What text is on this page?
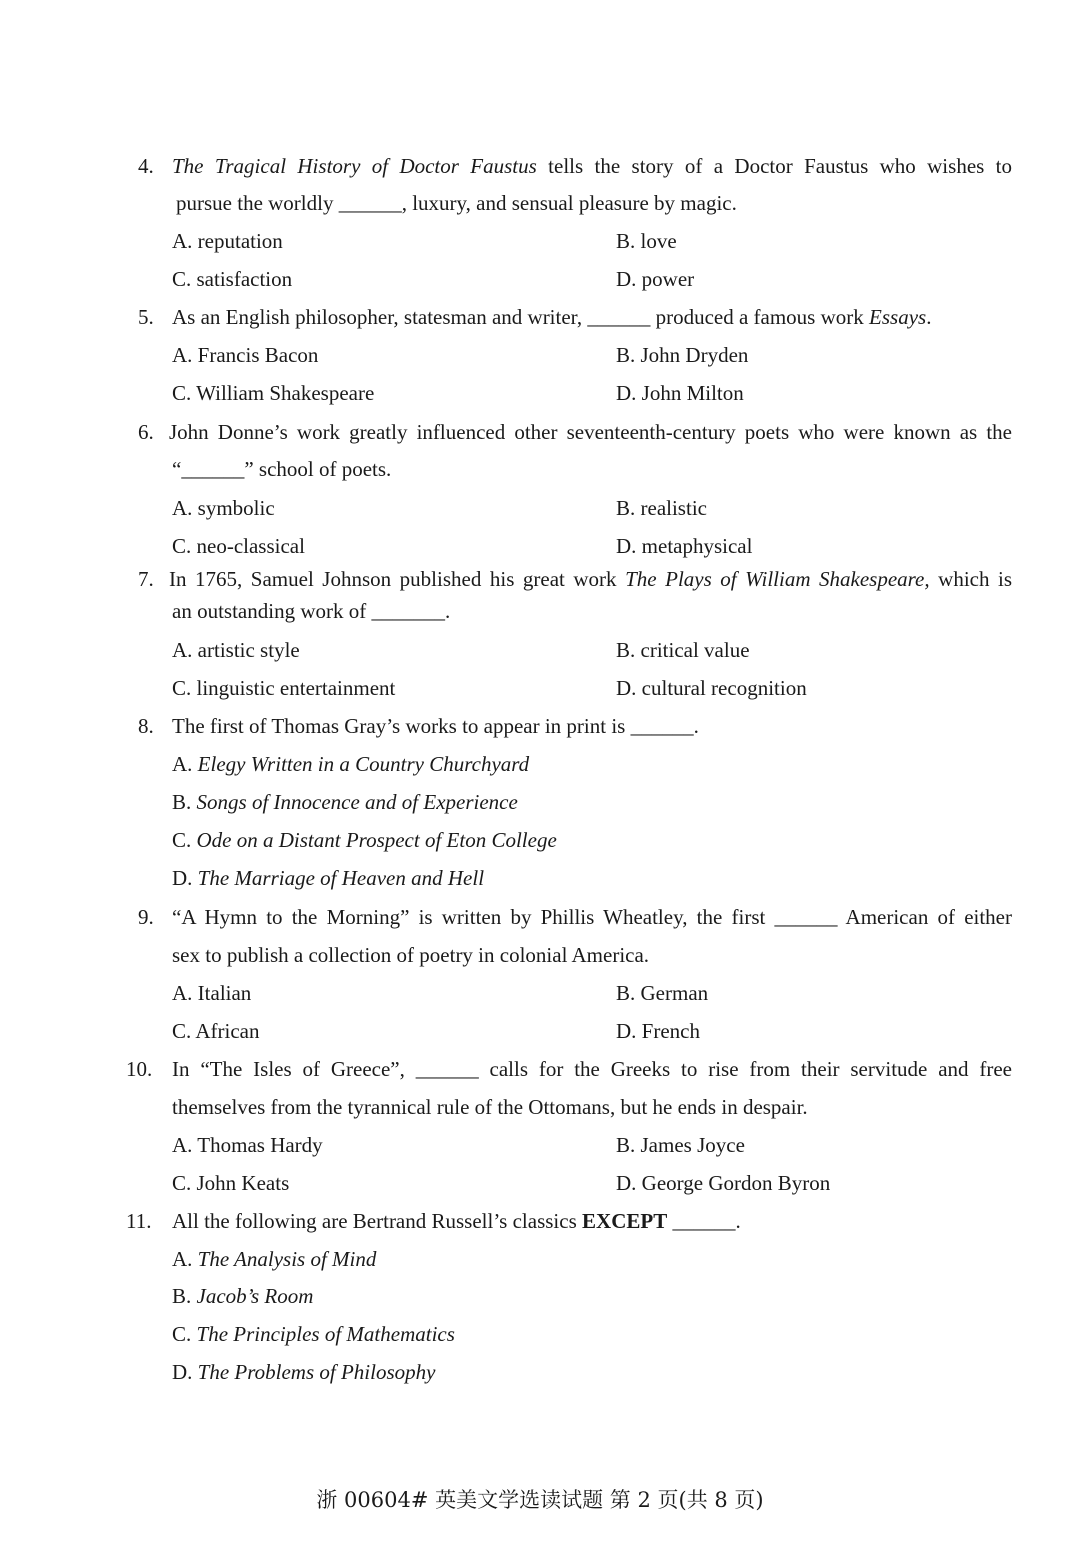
4. The Tragical History of Doctor Faustus tells the story of a Doctor Faustus who wishes to
pursue the worldly ______, luxury, and sensual pleasure by magic.
A. reputation	B. love
C. satisfaction	D. power
5. As an English philosopher, statesman and writer, ______ produced a famous work Essays.
A. Francis Bacon	B. John Dryden
C. William Shakespeare	D. John Milton
6. John Donne’s work greatly influenced other seventeenth-century poets who were known as the
“______” school of poets.
A. symbolic	B. realistic
C. neo-classical	D. metaphysical
7. In 1765, Samuel Johnson published his great work The Plays of William Shakespeare, which is
an outstanding work of _______.
A. artistic style	B. critical value
C. linguistic entertainment	D. cultural recognition
8. The first of Thomas Gray’s works to appear in print is ______.
A. Elegy Written in a Country Churchyard
B. Songs of Innocence and of Experience
C. Ode on a Distant Prospect of Eton College
D. The Marriage of Heaven and Hell
9. “A Hymn to the Morning” is written by Phillis Wheatley, the first ______ American of either
sex to publish a collection of poetry in colonial America.
A. Italian	B. German
C. African	D. French
10. In “The Isles of Greece”, ______ calls for the Greeks to rise from their servitude and free
themselves from the tyrannical rule of the Ottomans, but he ends in despair.
A. Thomas Hardy	B. James Joyce
C. John Keats	D. George Gordon Byron
11. All the following are Bertrand Russell’s classics EXCEPT ______.
A. The Analysis of Mind
B. Jacob’s Room
C. The Principles of Mathematics
D. The Problems of Philosophy
浙 00604# 英美文学选读试题 第 2 页(共 8 页)
